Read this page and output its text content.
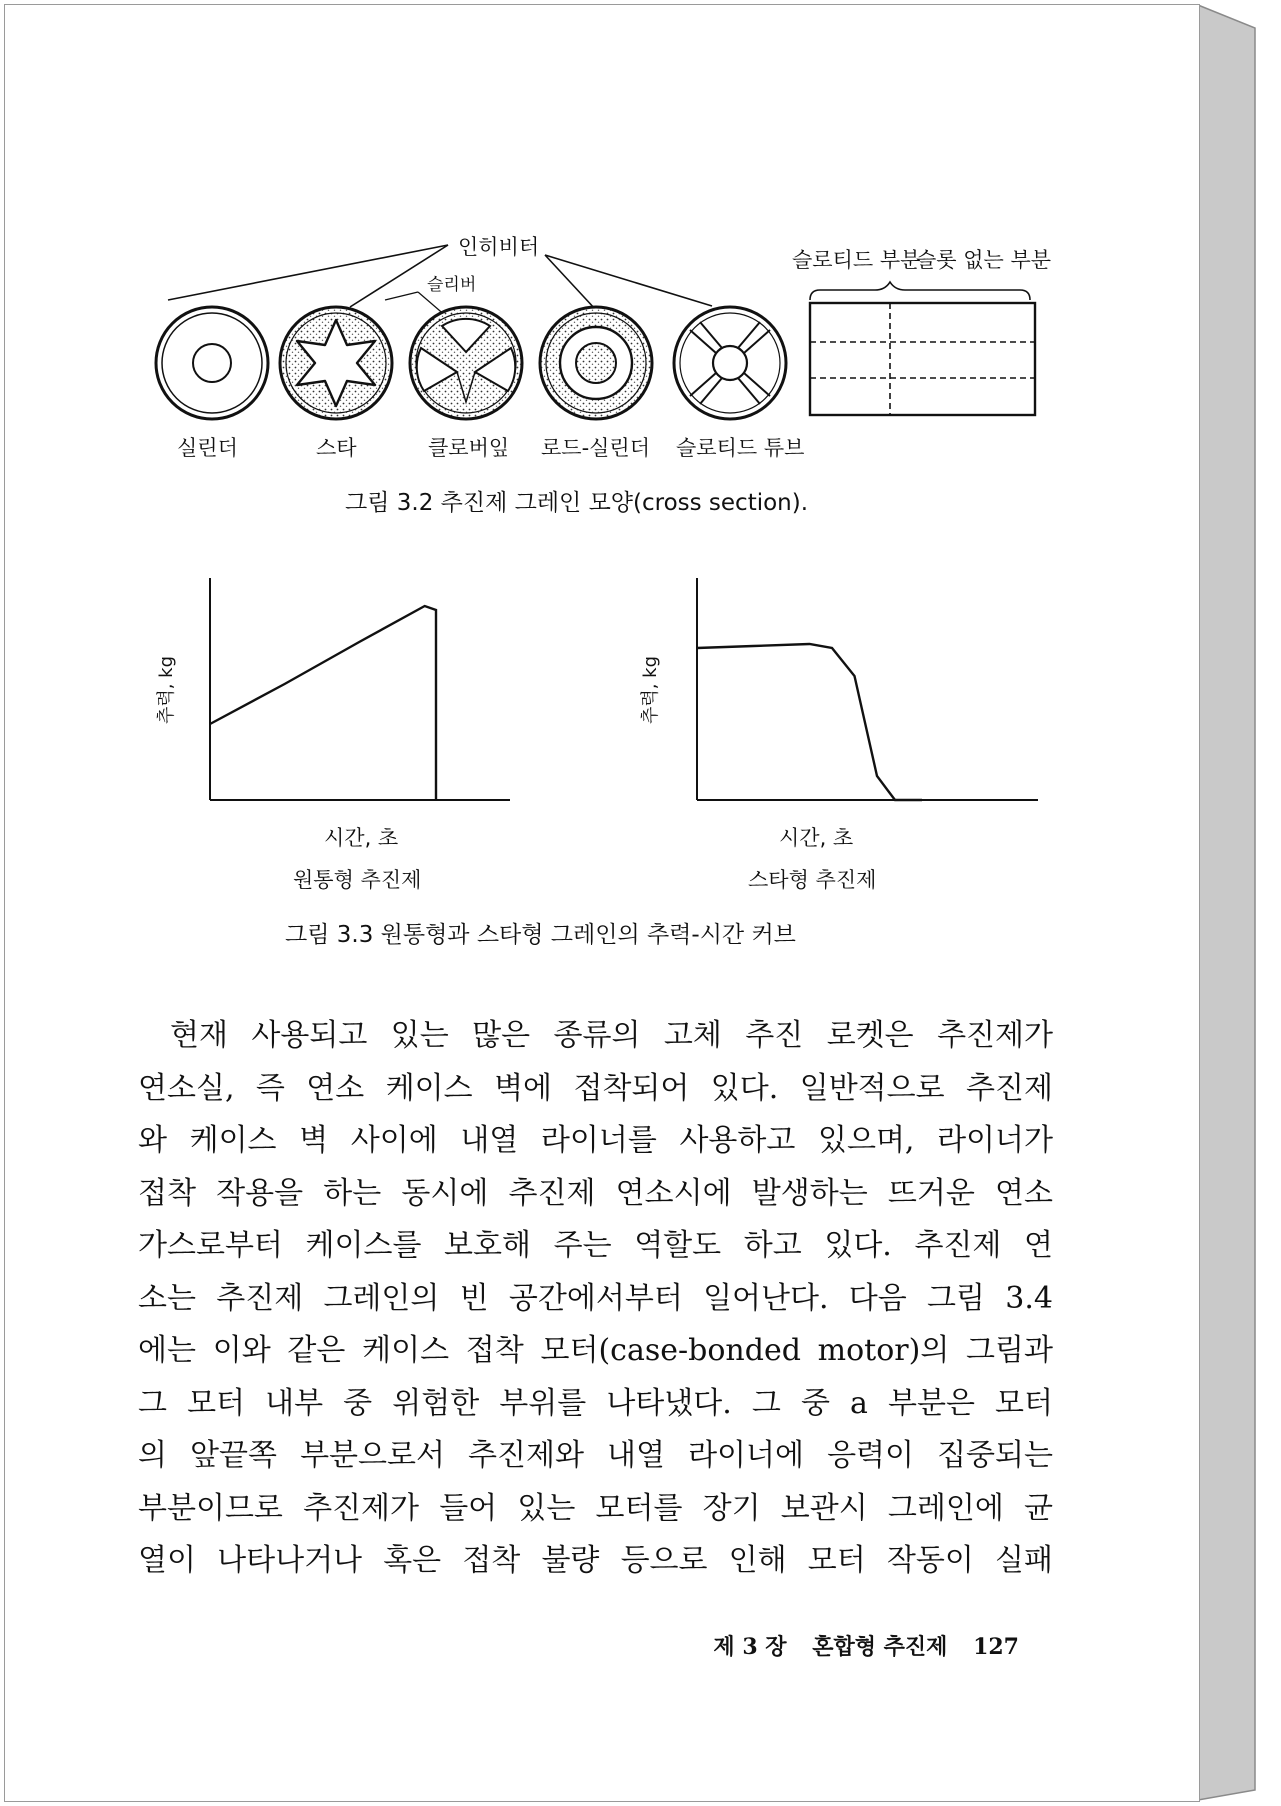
인히비터
슬리버
슬로티드 부분
슬롯 없는 부분
실린더	스타	클로버잎 로드-실린더 슬로티드 튜브
그림 3.2 추진제 그레인 모양(cross section).
추력, kg	추력, kg
시간, 초
원통형 추진제
시간, 초
스타형 추진제
그림 3.3 원통형과 스타형 그레인의 추력-시간 커브
현재 사용되고 있는 많은 종류의 고체 추진 로켓은 추진제가
연소실, 즉 연소 케이스 벽에 접착되어 있다. 일반적으로 추진제
와 케이스 벽 사이에 내열 라이너를 사용하고 있으며, 라이너가
접착 작용을 하는 동시에 추진제 연소시에 발생하는 뜨거운 연소
가스로부터 케이스를 보호해 주는 역할도 하고 있다. 추진제 연
소는 추진제 그레인의 빈 공간에서부터 일어난다. 다음 그림 3.4
에는 이와 같은 케이스 접착 모터(case-bonded motor)의 그림과
그 모터 내부 중 위험한 부위를 나타냈다. 그 중 a 부분은 모터
의 앞끝쪽 부분으로서 추진제와 내열 라이너에 응력이 집중되는
부분이므로 추진제가 들어 있는 모터를 장기 보관시 그레인에 균
열이 나타나거나 혹은 접착 불량 등으로 인해 모터 작동이 실패
제 3 장 혼합형 추진제 127
